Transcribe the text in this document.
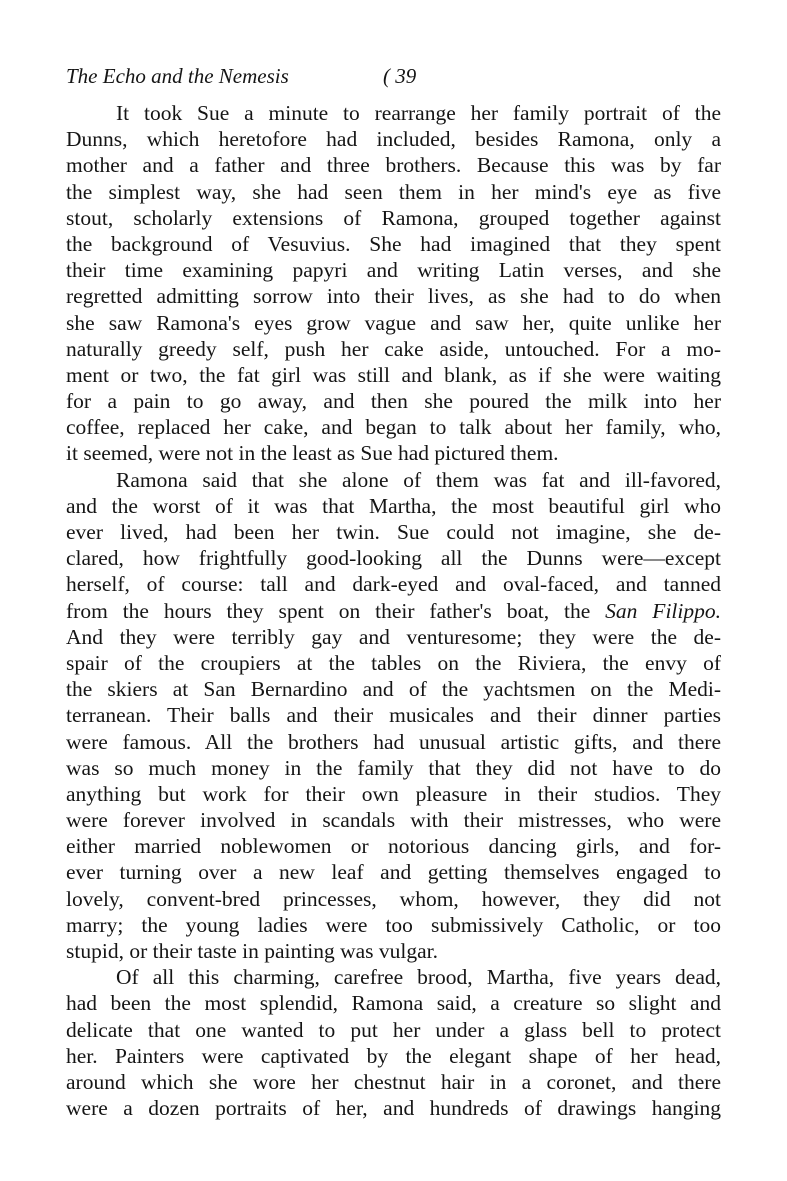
The Echo and the Nemesis	( 39
It took Sue a minute to rearrange her family portrait of the
Dunns, which heretofore had included, besides Ramona, only a
mother and a father and three brothers. Because this was by far
the simplest way, she had seen them in her mind's eye as five
stout, scholarly extensions of Ramona, grouped together against
the background of Vesuvius. She had imagined that they spent
their time examining papyri and writing Latin verses, and she
regretted admitting sorrow into their lives, as she had to do when
she saw Ramona's eyes grow vague and saw her, quite unlike her
naturally greedy self, push her cake aside, untouched. For a mo-
ment or two, the fat girl was still and blank, as if she were waiting
for a pain to go away, and then she poured the milk into her
coffee, replaced her cake, and began to talk about her family, who,
it seemed, were not in the least as Sue had pictured them.
Ramona said that she alone of them was fat and ill-favored,
and the worst of it was that Martha, the most beautiful girl who
ever lived, had been her twin. Sue could not imagine, she de-
clared, how frightfully good-looking all the Dunns were—except
herself, of course: tall and dark-eyed and oval-faced, and tanned
from the hours they spent on their father's boat, the San Filippo.
And they were terribly gay and venturesome; they were the de-
spair of the croupiers at the tables on the Riviera, the envy of
the skiers at San Bernardino and of the yachtsmen on the Medi-
terranean. Their balls and their musicales and their dinner parties
were famous. All the brothers had unusual artistic gifts, and there
was so much money in the family that they did not have to do
anything but work for their own pleasure in their studios. They
were forever involved in scandals with their mistresses, who were
either married noblewomen or notorious dancing girls, and for-
ever turning over a new leaf and getting themselves engaged to
lovely, convent-bred princesses, whom, however, they did not
marry; the young ladies were too submissively Catholic, or too
stupid, or their taste in painting was vulgar.
Of all this charming, carefree brood, Martha, five years dead,
had been the most splendid, Ramona said, a creature so slight and
delicate that one wanted to put her under a glass bell to protect
her. Painters were captivated by the elegant shape of her head,
around which she wore her chestnut hair in a coronet, and there
were a dozen portraits of her, and hundreds of drawings hanging
